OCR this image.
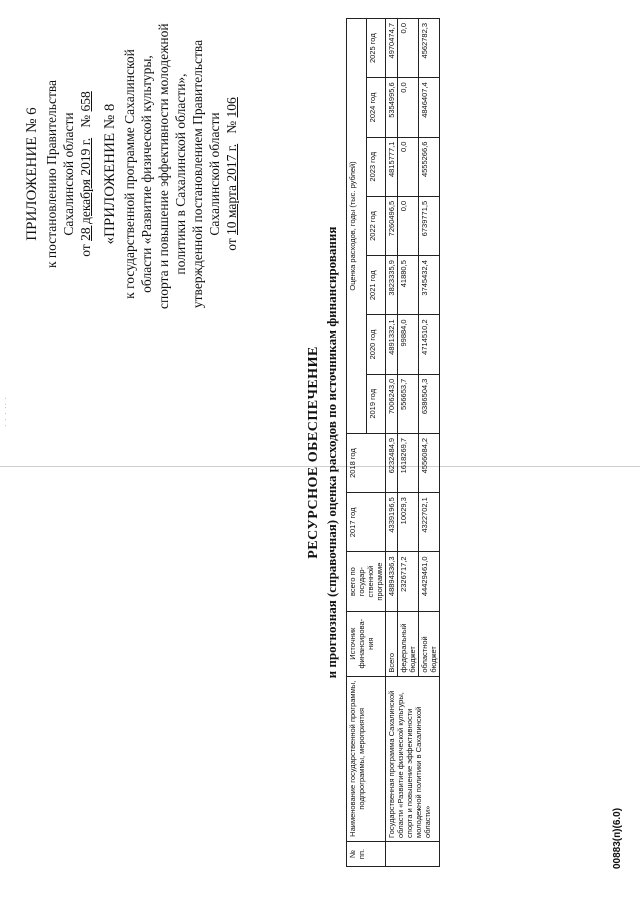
· · · ·· ·
ПРИЛОЖЕНИЕ № 6 к постановлению Правительства Сахалинской области
от 28 декабря 2019 г.   № 658
«ПРИЛОЖЕНИЕ № 8 к государственной программе Сахалинской области «Развитие физической культуры, спорта и повышение эффективности молодежной политики в Сахалинской области», утвержденной постановлением Правительства Сахалинской области
от 10 марта 2017 г.   № 106
РЕСУРСНОЕ ОБЕСПЕЧЕНИЕ и прогнозная (справочная) оценка расходов по источникам финансирования
№ пп.	Наименование государственной программы, подпрограммы, мероприятия	Источник финансирова-ния	всего по государ-ственной программе	2017 год	2018 год	Оценка расходов, годы (тыс. рублей)						
						2019 год	2020 год	2021 год	2022 год	2023 год	2024 год	2025 год
	Государственная программа Сахалинской области «Развитие физической культуры, спорта и повышение эффективности молодежной политики в Сахалинской области»	Всего	48894336,3	4339196,5	6232484,9	7006243,0	4891332,1	3823335,9	7260496,5	4815777,1	5354995,6	4970474,7
		федеральный бюджет	2326717,2	10029,3	1618269,7	556653,7	99884,0	41880,5	0,0	0,0	0,0	0,0
		областной бюджет	44429461,0	4322702,1	4556084,2	6386504,3	4714510,2	3745432,4	6739771,5	4555266,6	4846407,4	4562782,3
00883(п)(6.0)
